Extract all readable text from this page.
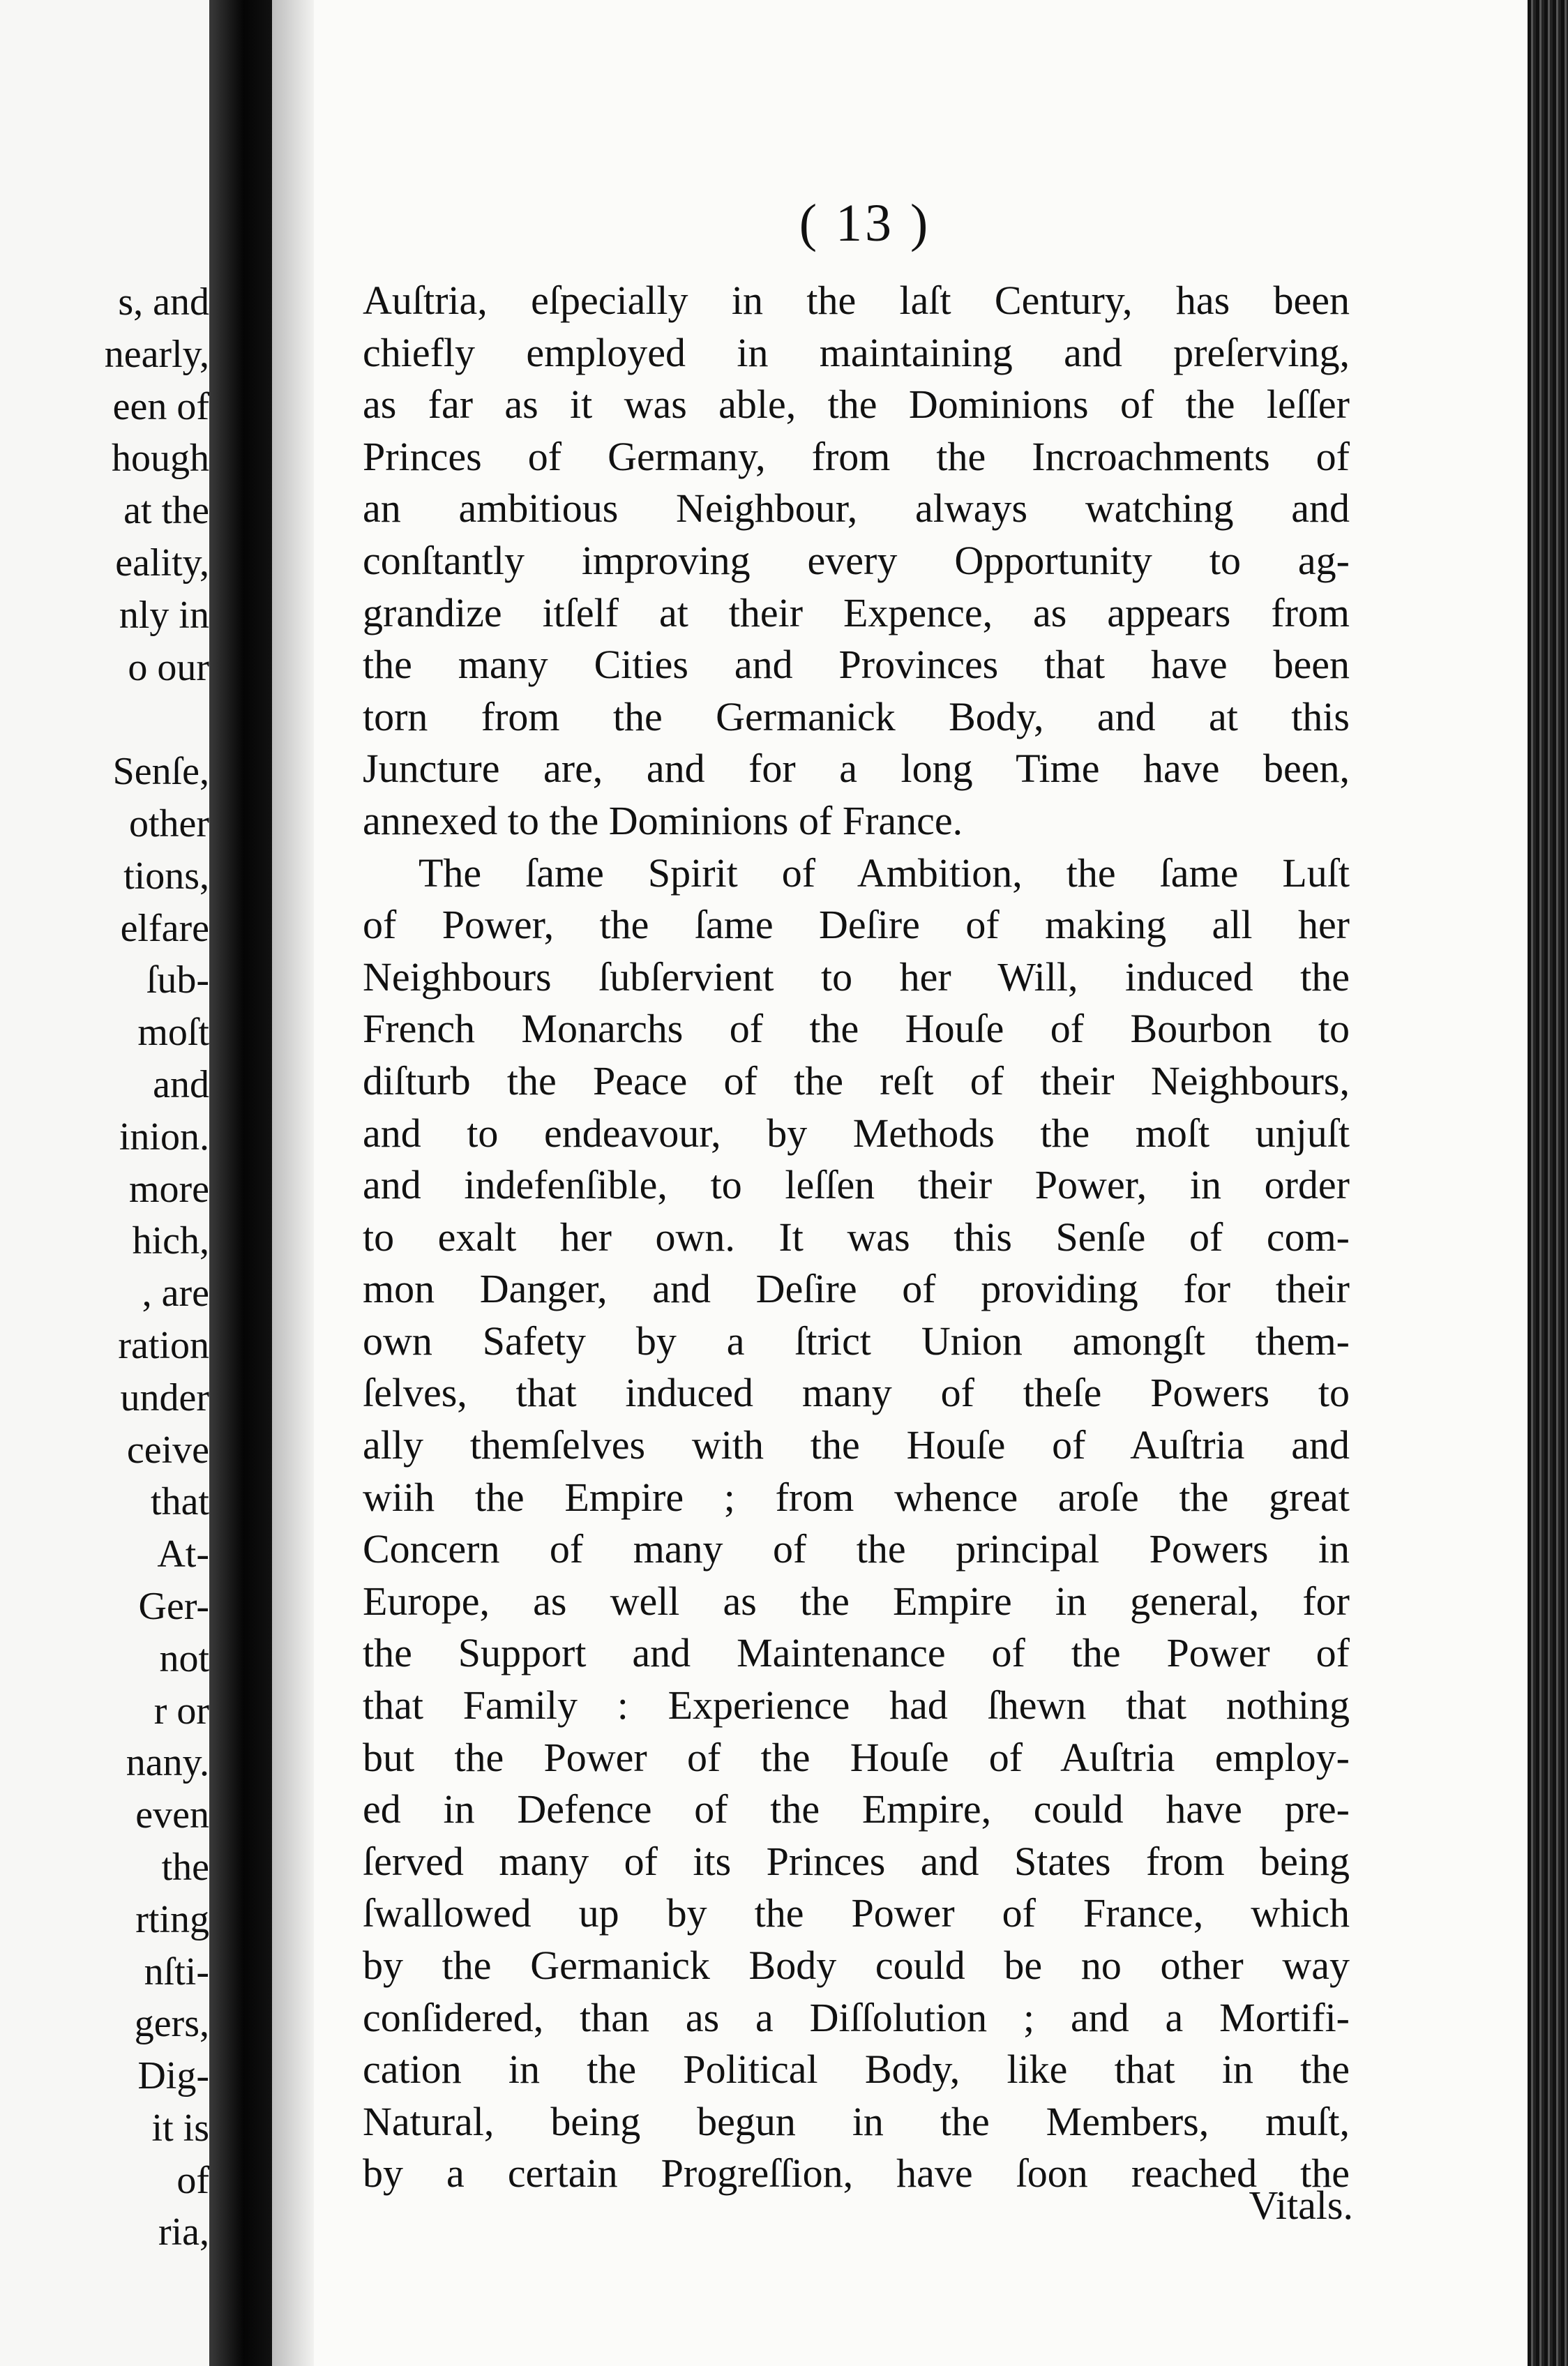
s, and
nearly,
een of
hough
at the
eality,
nly in
o our
Senſe,
other
tions,
elfare
ſub-
moſt
and
inion.
more
hich,
, are
ration
under
ceive
that
At-
Ger-
not
r or
nany.
even
the
rting
nſti-
gers,
Dig-
it is
of
ria,
( 13 )
Auſtria, eſpecially in the laſt Century, has been
chiefly employed in maintaining and preſerving,
as far as it was able, the Dominions of the leſſer
Princes of Germany, from the Incroachments of
an ambitious Neighbour, always watching and
conſtantly improving every Opportunity to ag-
grandize itſelf at their Expence, as appears from
the many Cities and Provinces that have been
torn from the Germanick Body, and at this
Juncture are, and for a long Time have been,
annexed to the Dominions of France.
The ſame Spirit of Ambition, the ſame Luſt
of Power, the ſame Deſire of making all her
Neighbours ſubſervient to her Will, induced the
French Monarchs of the Houſe of Bourbon to
diſturb the Peace of the reſt of their Neighbours,
and to endeavour, by Methods the moſt unjuſt
and indefenſible, to leſſen their Power, in order
to exalt her own. It was this Senſe of com-
mon Danger, and Deſire of providing for their
own Safety by a ſtrict Union amongſt them-
ſelves, that induced many of theſe Powers to
ally themſelves with the Houſe of Auſtria and
wiih the Empire ; from whence aroſe the great
Concern of many of the principal Powers in
Europe, as well as the Empire in general, for
the Support and Maintenance of the Power of
that Family : Experience had ſhewn that nothing
but the Power of the Houſe of Auſtria employ-
ed in Defence of the Empire, could have pre-
ſerved many of its Princes and States from being
ſwallowed up by the Power of France, which
by the Germanick Body could be no other way
conſidered, than as a Diſſolution ; and a Mortifi-
cation in the Political Body, like that in the
Natural, being begun in the Members, muſt,
by a certain Progreſſion, have ſoon reached the
Vitals.
